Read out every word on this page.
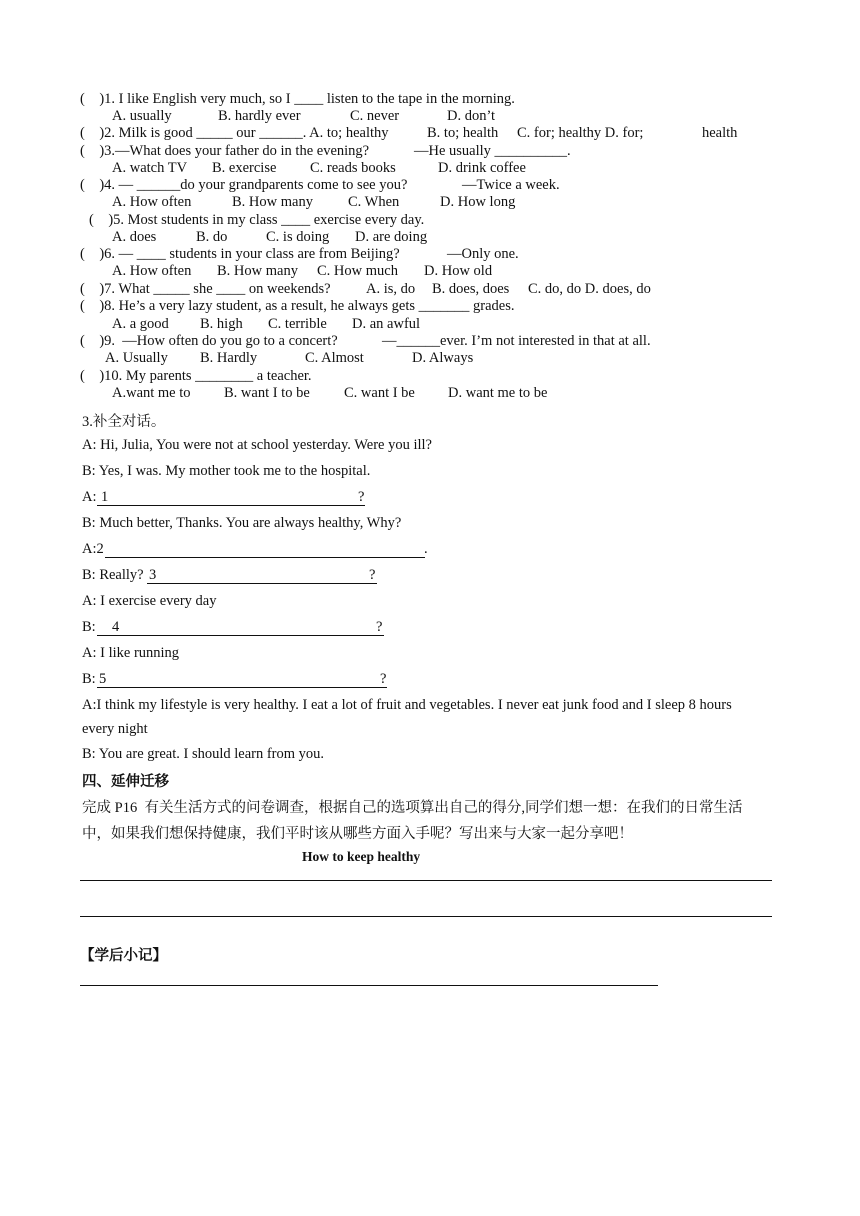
(    )1. I like English very much, so I ____ listen to the tape in the morning.
A. usually	B. hardly ever	C. never	D. don’t
(    )2. Milk is good _____ our ______. A. to; healthy	B. to; health C. for; healthy D. for;	health
(    )3.—What does your father do in the evening?	—He usually __________.
A. watch TV B. exercise C. reads books	D. drink coffee
(    )4. — ______do your grandparents come to see you?	—Twice a week.
A. How often	B. How many C. When	D. How long
(    )5. Most students in my class ____ exercise every day.
A. does	B. do	C. is doing D. are doing
(    )6. — ____ students in your class are from Beijing?	—Only one.
A. How often B. How many C. How much D. How old
(    )7. What _____ she ____ on weekends? A. is, do B. does, does C. do, do D. does, do
(    )8. He’s a very lazy student, as a result, he always gets _______ grades.
A. a good B. high C. terrible D. an awful
(    )9.  —How often do you go to a concert?	—______ever. I’m not interested in that at all.
A. Usually B. Hardly	C. Almost	D. Always
(    )10. My parents ________ a teacher.
A.want me to B. want I to be C. want I be D. want me to be
3.补全对话。
A: Hi, Julia, You were not at school yesterday. Were you ill?
B: Yes, I was. My mother took me to the hospital.
A: 1	?
B: Much better, Thanks. You are always healthy, Why?
A:2	.
B: Really? 3	?
A: I exercise every day
B: 4	?
A: I like running
B: 5	?
A:I think my lifestyle is very healthy. I eat a lot of fruit and vegetables. I never eat junk food and I sleep 8 hours
every night
B: You are great. I should learn from you.
四、延伸迁移
完成 P16  有关生活方式的问卷调查，根据自己的选项算出自己的得分,同学们想一想：在我们的日常生活
中，如果我们想保持健康，我们平时该从哪些方面入手呢？写出来与大家一起分享吧！
How to keep healthy
【学后小记】
